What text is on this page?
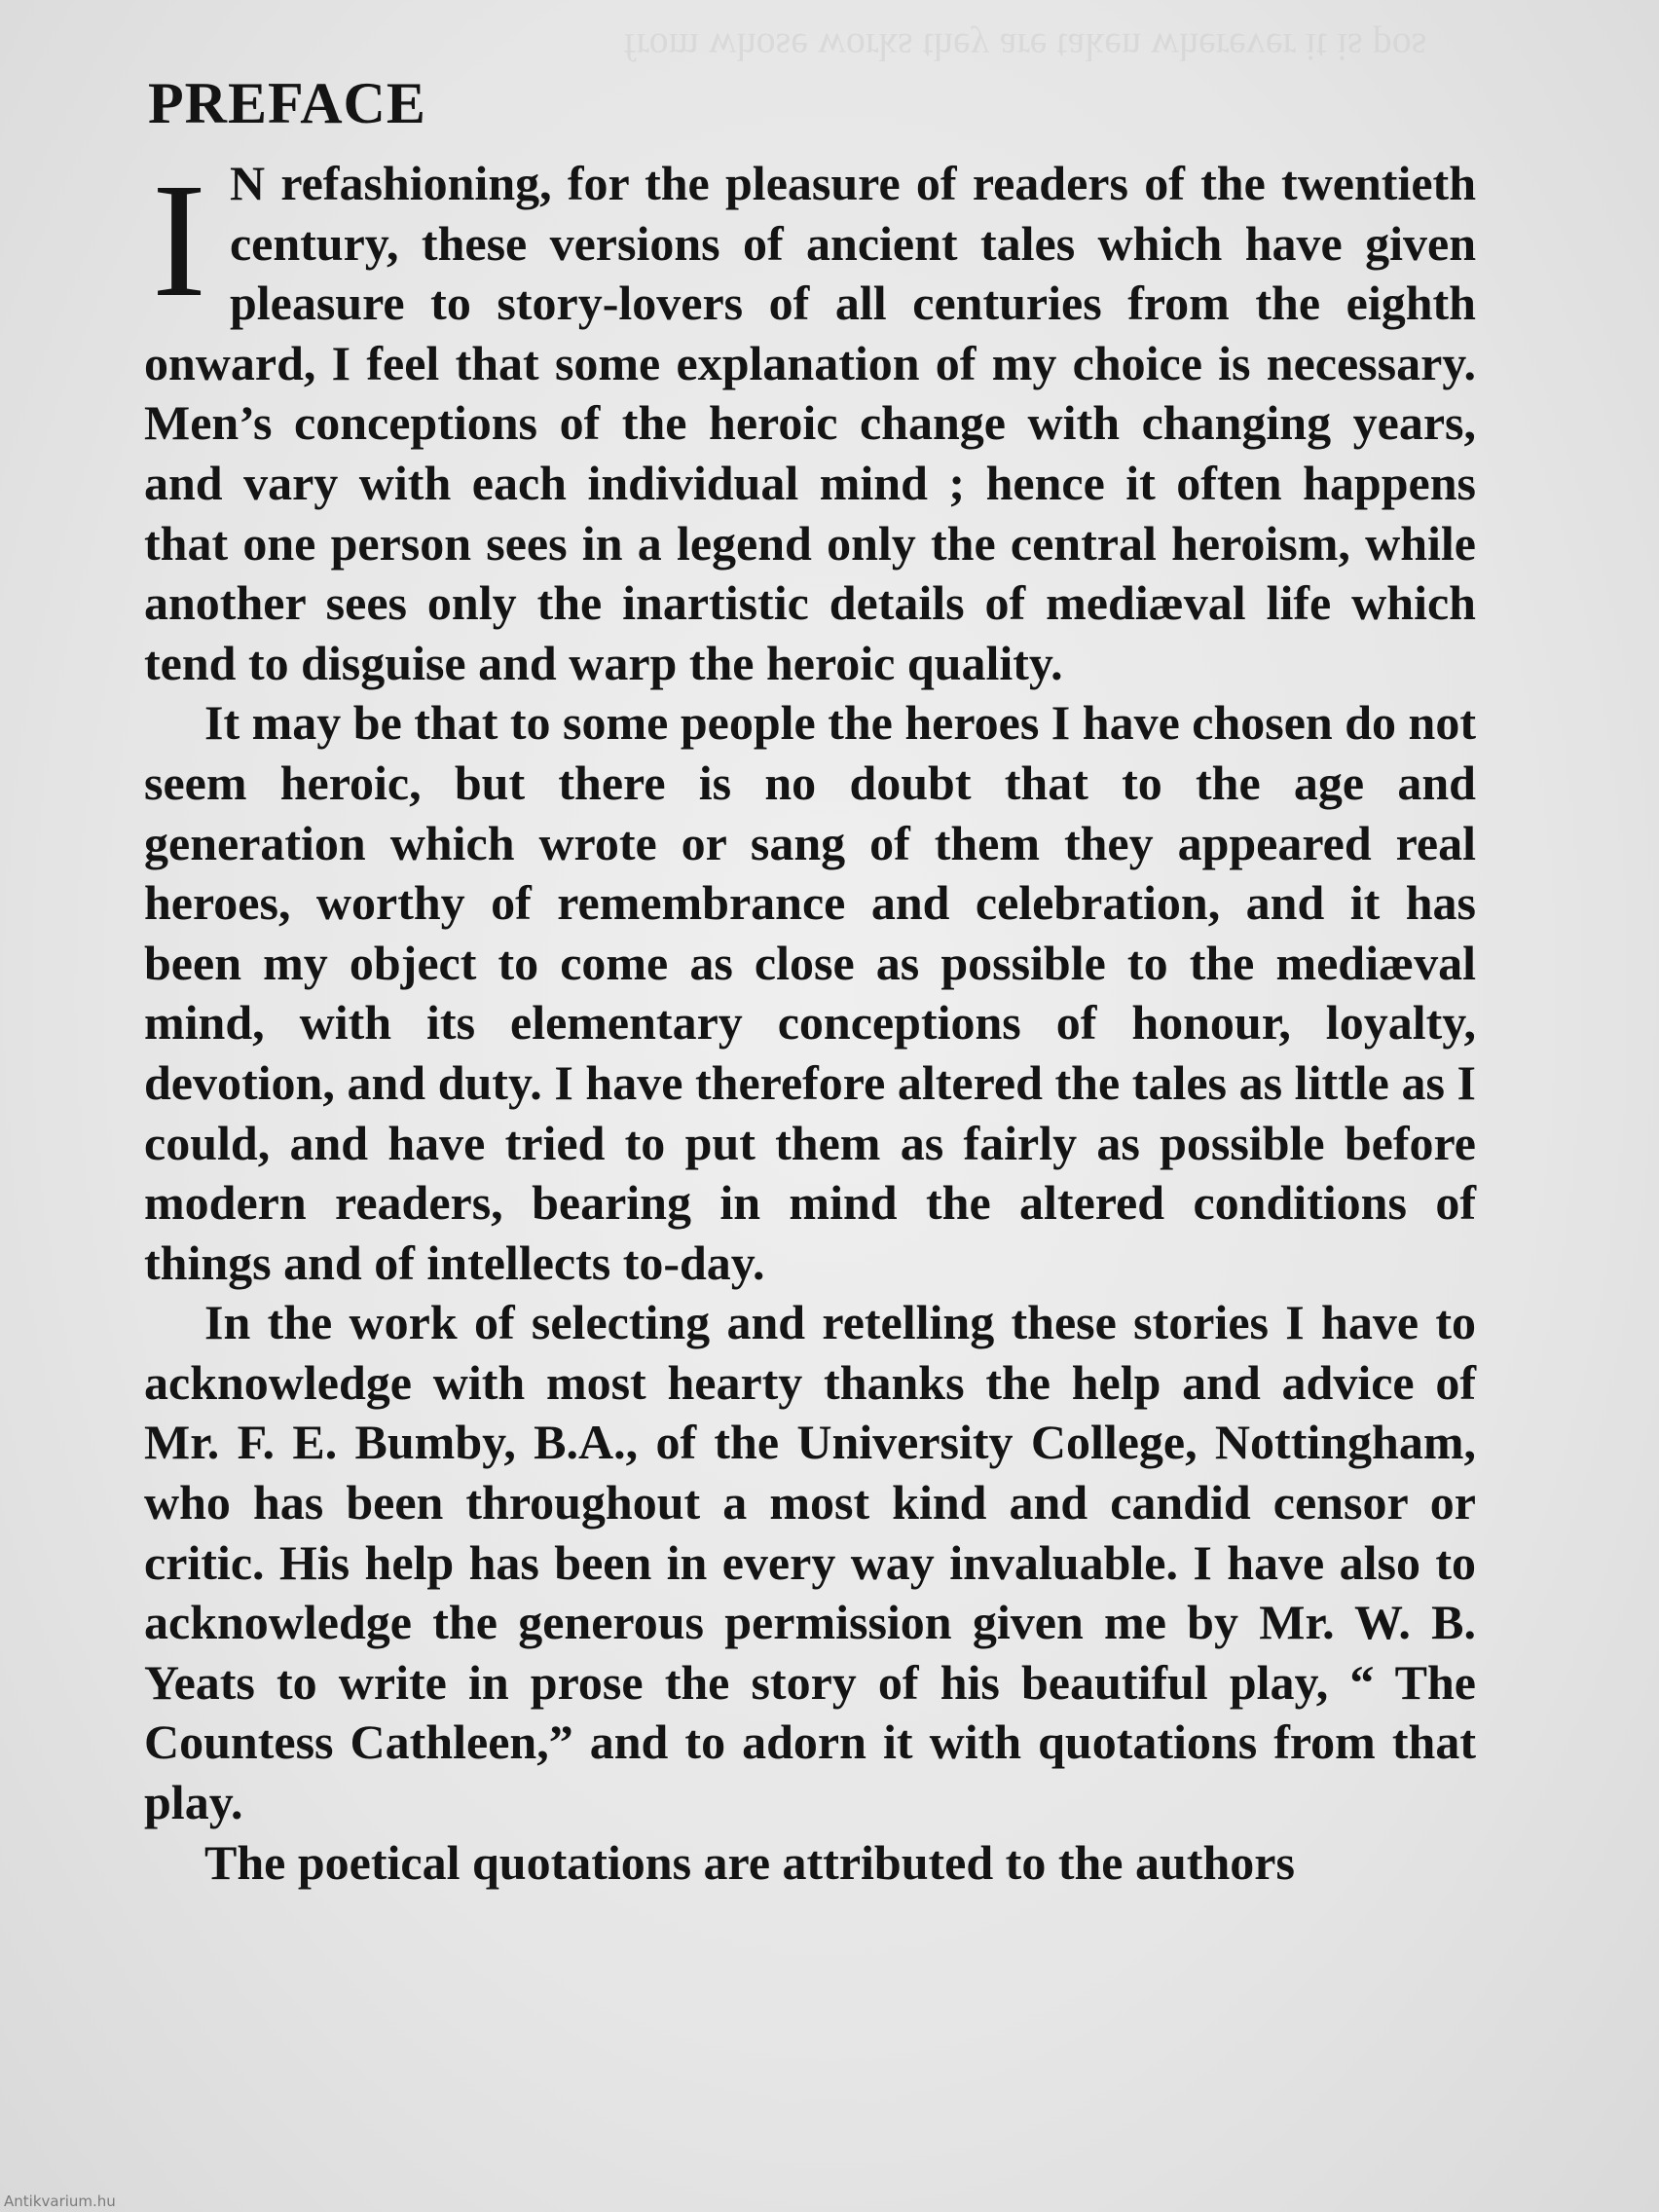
from whose works they are taken wherever it is pos
PREFACE

I N refashioning, for the pleasure of readers of the twentieth century, these versions of ancient tales which have given pleasure to story-lovers of all centuries from the eighth onward, I feel that some explanation of my choice is necessary. Men’s conceptions of the heroic change with changing years, and vary with each individual mind ; hence it often happens that one person sees in a legend only the central heroism, while another sees only the inartistic details of mediæval life which tend to disguise and warp the heroic quality.

It may be that to some people the heroes I have chosen do not seem heroic, but there is no doubt that to the age and generation which wrote or sang of them they appeared real heroes, worthy of remembrance and celebration, and it has been my object to come as close as possible to the mediæval mind, with its elementary conceptions of honour, loyalty, devotion, and duty. I have therefore altered the tales as little as I could, and have tried to put them as fairly as possible before modern readers, bearing in mind the altered conditions of things and of intellects to-day.

In the work of selecting and retelling these stories I have to acknowledge with most hearty thanks the help and advice of Mr. F. E. Bumby, B.A., of the University College, Nottingham, who has been throughout a most kind and candid censor or critic. His help has been in every way invaluable. I have also to acknowledge the generous permission given me by Mr. W. B. Yeats to write in prose the story of his beautiful play, “ The Countess Cathleen,” and to adorn it with quotations from that play.

The poetical quotations are attributed to the authors

Antikvarium.hu
